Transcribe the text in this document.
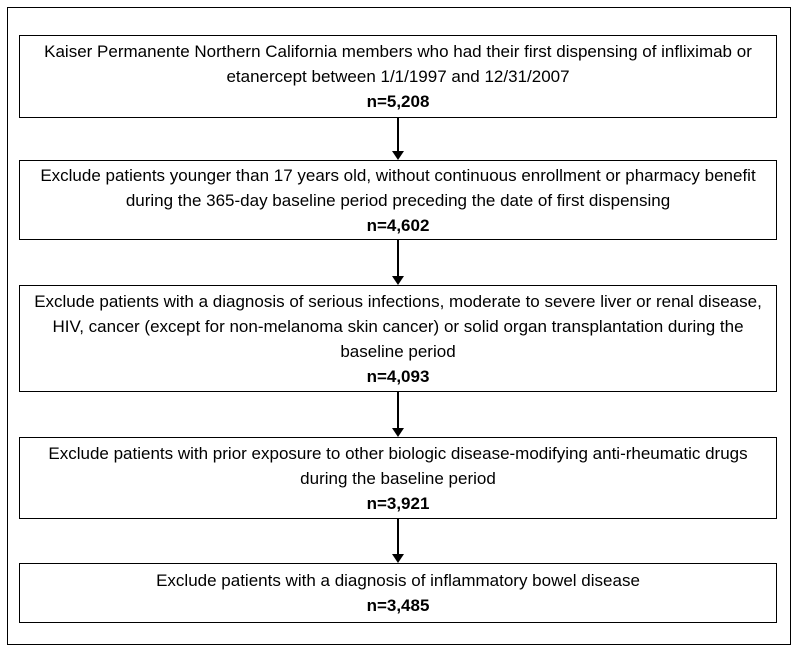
Kaiser Permanente Northern California members who had their first dispensing of infliximab or etanercept between 1/1/1997 and 12/31/2007
n=5,208
Exclude patients younger than 17 years old, without continuous enrollment or pharmacy benefit during the 365-day baseline period preceding the date of first dispensing
n=4,602
Exclude patients with a diagnosis of serious infections, moderate to severe liver or renal disease, HIV, cancer (except for non-melanoma skin cancer) or solid organ transplantation during the baseline period
n=4,093
Exclude patients with prior exposure to other biologic disease-modifying anti-rheumatic drugs during the baseline period
n=3,921
Exclude patients with a diagnosis of inflammatory bowel disease
n=3,485
